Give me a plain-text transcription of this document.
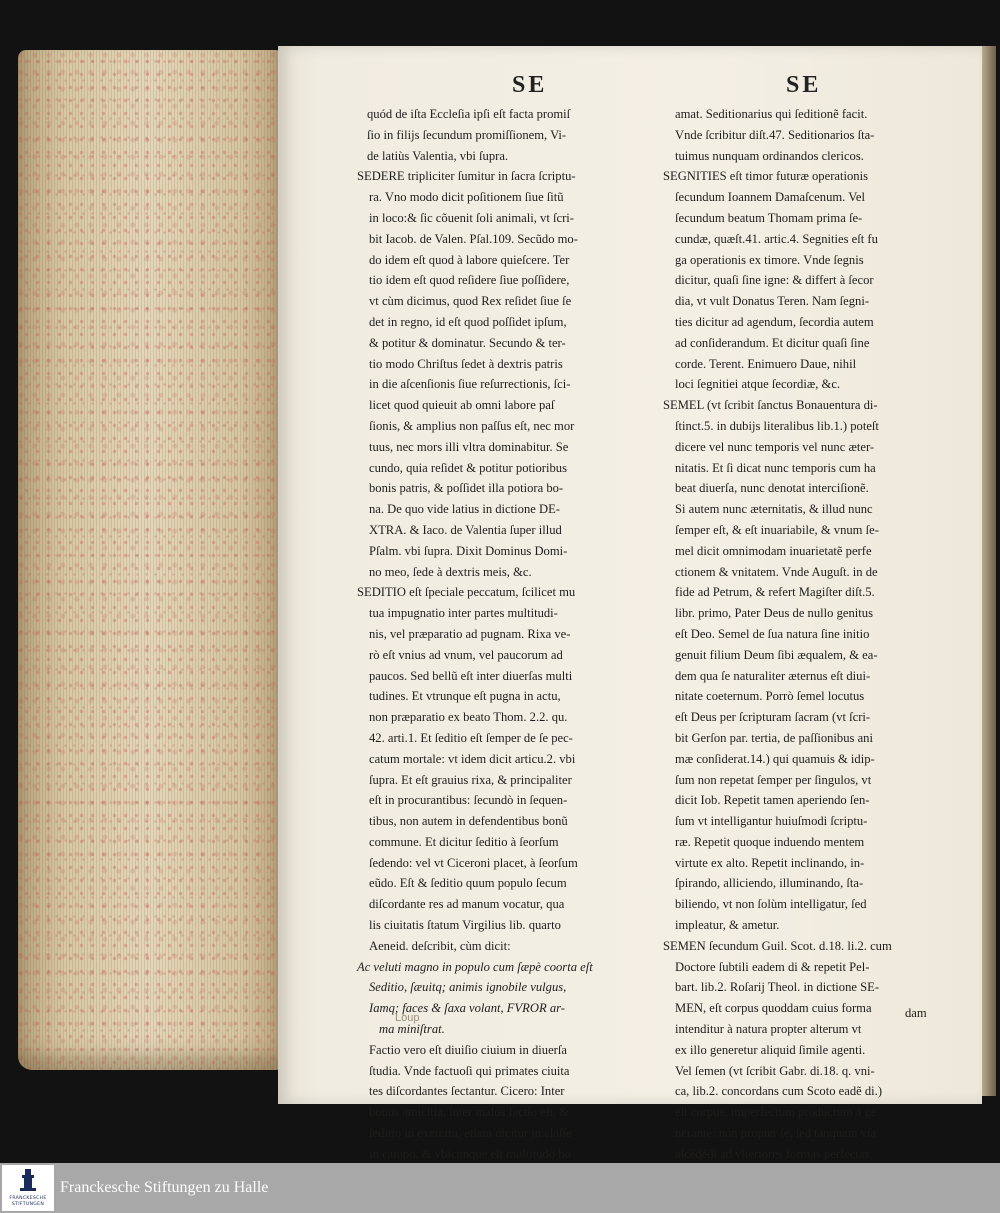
SE	SE
quód de iſta Eccleſia ipſi eſt facta promiſ
ſio in filijs ſecundum promiſſionem, Vi-
de latiùs Valentia, vbi ſupra.
SEDERE tripliciter ſumitur in ſacra ſcriptu-
ra. Vno modo dicit poſitionem ſiue ſitũ
in loco:& ſic cõuenit ſoli animali, vt ſcri-
bit Iacob. de Valen. Pſal.109. Secũdo mo-
do idem eſt quod à labore quieſcere. Ter
tio idem eſt quod reſidere ſiue poſſidere,
vt cùm dicimus, quod Rex reſidet ſiue ſe
det in regno, id eſt quod poſſidet ipſum,
& potitur & dominatur. Secundo & ter-
tio modo Chriſtus ſedet à dextris patris
in die aſcenſionis ſiue reſurrectionis, ſci-
licet quod quieuit ab omni labore paſ
ſionis, & amplius non paſſus eſt, nec mor
tuus, nec mors illi vltra dominabitur. Se
cundo, quia reſidet & potitur potioribus
bonis patris, & poſſidet illa potiora bo-
na. De quo vide latius in dictione DE-
XTRA. & Iaco. de Valentia ſuper illud
Pſalm. vbi ſupra. Dixit Dominus Domi-
no meo, ſede à dextris meis, &c.
SEDITIO eſt ſpeciale peccatum, ſcilicet mu
tua impugnatio inter partes multitudi-
nis, vel præparatio ad pugnam. Rixa ve-
rò eſt vnius ad vnum, vel paucorum ad
paucos. Sed bellũ eſt inter diuerſas multi
tudines. Et vtrunque eſt pugna in actu,
non præparatio ex beato Thom. 2.2. qu.
42. arti.1. Et ſeditio eſt ſemper de ſe pec-
catum mortale: vt idem dicit articu.2. vbi
ſupra. Et eſt grauius rixa, & principaliter
eſt in procurantibus: ſecundò in ſequen-
tibus, non autem in defendentibus bonũ
commune. Et dicitur ſeditio à ſeorſum
ſedendo: vel vt Ciceroni placet, à ſeorſum
eũdo. Eſt & ſeditio quum populo ſecum
diſcordante res ad manum vocatur, qua
lis ciuitatis ſtatum Virgilius lib. quarto
Aeneid. deſcribit, cùm dicit:
Ac veluti magno in populo cum ſæpè coorta eſt
Seditio, ſæuitq; animis ignobile vulgus,
Iamq; faces & ſaxa volant, FVROR ar-
ma miniſtrat.
Factio vero eſt diuiſio ciuium in diuerſa
ſtudia. Vnde factuoſi qui primates ciuita
tes diſcordantes ſectantur. Cicero: Inter
bonos amicitia, inter malos factio eſt, &
ſeditio in exercitu, etiam dicitur in claſſe
in campo, & vbicunque eſt multitudo ho
amat. Seditionarius qui ſeditionẽ facit.
Vnde ſcribitur diſt.47. Seditionarios ſta-
tuimus nunquam ordinandos clericos.
SEGNITIES eſt timor futuræ operationis
ſecundum Ioannem Damaſcenum. Vel
ſecundum beatum Thomam prima ſe-
cundæ, quæſt.41. artic.4. Segnities eſt fu
ga operationis ex timore. Vnde ſegnis
dicitur, quaſi ſine igne: & differt à ſecor
dia, vt vult Donatus Teren. Nam ſegni-
ties dicitur ad agendum, ſecordia autem
ad conſiderandum. Et dicitur quaſi ſine
corde. Terent. Enimuero Daue, nihil
loci ſegnitiei atque ſecordiæ, &c.
SEMEL (vt ſcribit ſanctus Bonauentura di-
ſtinct.5. in dubijs literalibus lib.1.) poteſt
dicere vel nunc temporis vel nunc æter-
nitatis. Et ſi dicat nunc temporis cum ha
beat diuerſa, nunc denotat interciſionẽ.
Si autem nunc æternitatis, & illud nunc
ſemper eſt, & eſt inuariabile, & vnum ſe-
mel dicit omnimodam inuarietatẽ perfe
ctionem & vnitatem. Vnde Auguſt. in de
fide ad Petrum, & refert Magiſter diſt.5.
libr. primo, Pater Deus de nullo genitus
eſt Deo. Semel de ſua natura ſine initio
genuit filium Deum ſibi æqualem, & ea-
dem qua ſe naturaliter æternus eſt diui-
nitate coeternum. Porrò ſemel locutus
eſt Deus per ſcripturam ſacram (vt ſcri-
bit Gerſon par. tertia, de paſſionibus ani
mæ conſiderat.14.) qui quamuis & idip-
ſum non repetat ſemper per ſingulos, vt
dicit Iob. Repetit tamen aperiendo ſen-
ſum vt intelligantur huiuſmodi ſcriptu-
ræ. Repetit quoque induendo mentem
virtute ex alto. Repetit inclinando, in-
ſpirando, alliciendo, illuminando, ſta-
biliendo, vt non ſolùm intelligatur, ſed
impleatur, & ametur.
SEMEN ſecundum Guil. Scot. d.18. li.2. cum
Doctore ſubtili eadem di & repetit Pel-
bart. lib.2. Roſarij Theol. in dictione SE-
MEN, eſt corpus quoddam cuius forma
intenditur à natura propter alterum vt
ex illo generetur aliquid ſimile agenti.
Vel ſemen (vt ſcribit Gabr. di.18. q. vni-
ca, lib.2. concordans cum Scoto eadẽ di.)
eſt corpus, imperfectum productum à ge
nerante: non propter ſe, ſed tanquam via
aſcẽdẽdi ad vlteriores formas perfectas.
dam
Loup
FRANCKESCHE
STIFTUNGEN
Franckesche Stiftungen zu Halle
